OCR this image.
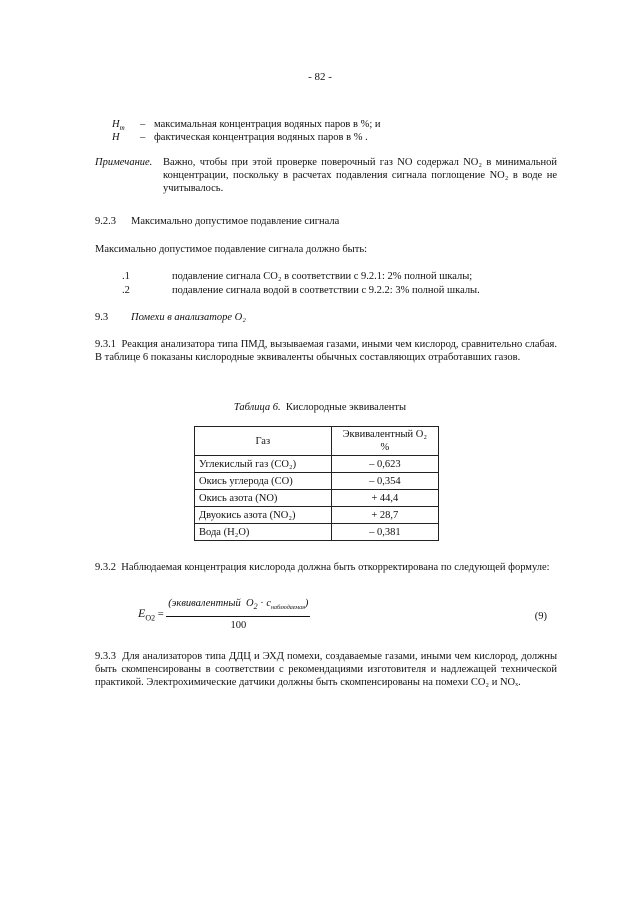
- 82 -
$H_m$ – максимальная концентрация водяных паров в %; и
H – фактическая концентрация водяных паров в % .
Примечание. Важно, чтобы при этой проверке поверочный газ NO содержал NO₂ в минимальной концентрации, поскольку в расчетах подавления сигнала поглощение NO₂ в воде не учитывалось.
9.2.3 Максимально допустимое подавление сигнала
Максимально допустимое подавление сигнала должно быть:
.1	подавление сигнала CO₂ в соответствии с 9.2.1: 2% полной шкалы;
.2	подавление сигнала водой в соответствии с 9.2.2: 3% полной шкалы.
9.3 Помехи в анализаторе O₂
9.3.1 Реакция анализатора типа ПМД, вызываемая газами, иными чем кислород, сравнительно слабая. В таблице 6 показаны кислородные эквиваленты обычных составляющих отработавших газов.
Таблица 6. Кислородные эквиваленты
Газ	Эквивалентный O₂
%
Углекислый газ (CO₂)	– 0,623
Окись углерода (CO)	– 0,354
Окись азота (NO)	+ 44,4
Двуокись азота (NO₂)	+ 28,7
Вода (H₂O)	– 0,381
9.3.2 Наблюдаемая концентрация кислорода должна быть откорректирована по следующей формуле:
$E_{O2} = \frac{(эквивалентный O_2 \cdot c_{наблюдаемая})}{100}$	(9)
9.3.3 Для анализаторов типа ДДЦ и ЭХД помехи, создаваемые газами, иными чем кислород, должны быть скомпенсированы в соответствии с рекомендациями изготовителя и надлежащей технической практикой. Электрохимические датчики должны быть скомпенсированы на помехи CO₂ и NOₓ.
